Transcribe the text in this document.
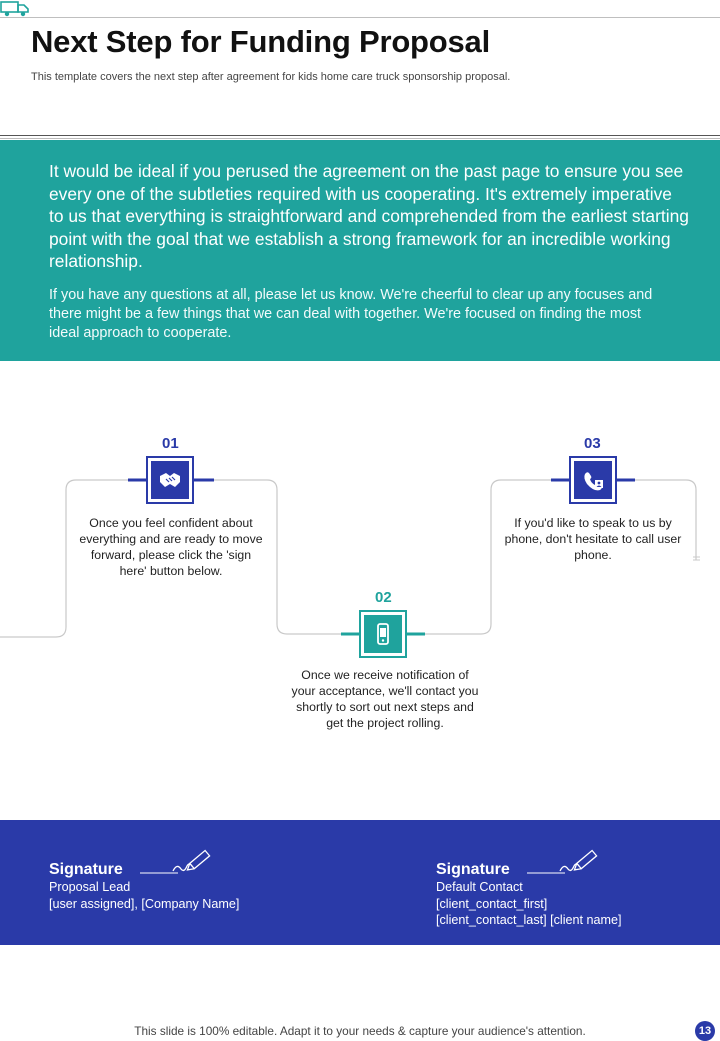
Next Step for Funding Proposal
This template covers the next step after agreement for kids home care truck sponsorship proposal.
It would be ideal if you perused the agreement on the past page to ensure you see every one of the subtleties required with us cooperating. It's extremely imperative to us that everything is straightforward and comprehended from the earliest starting point with the goal that we establish a strong framework for an incredible working relationship.
If you have any questions at all, please let us know. We're cheerful to clear up any focuses and there might be a few things that we can deal with together. We're focused on finding the most ideal approach to cooperate.
01
Once you feel confident about everything and are ready to move forward, please click the 'sign here' button below.
02
Once we receive notification of your acceptance, we'll contact you shortly to sort out next steps and get the project rolling.
03
If you'd like to speak to us by phone, don't hesitate to call user phone.
Signature
Proposal Lead
[user assigned], [Company Name]
Signature
Default Contact
[client_contact_first]
[client_contact_last] [client name]
This slide is 100% editable. Adapt it to your needs & capture your audience's attention.	13
